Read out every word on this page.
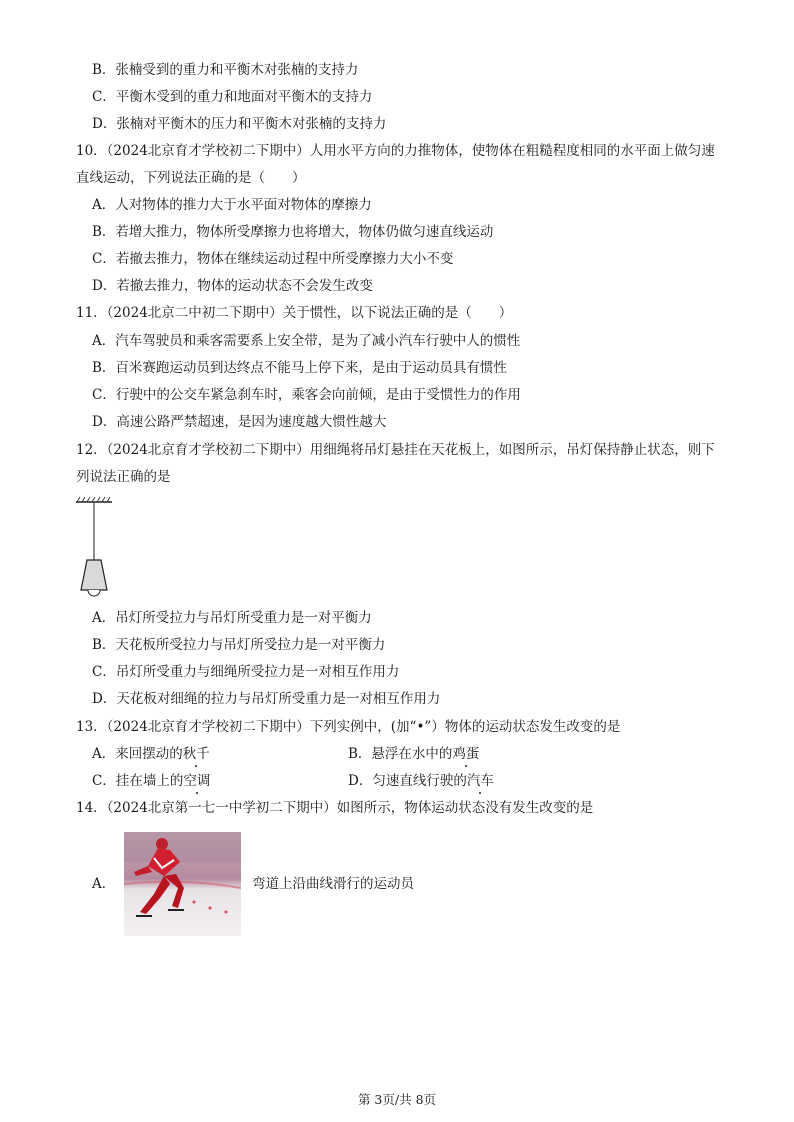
B．张楠受到的重力和平衡木对张楠的支持力
C．平衡木受到的重力和地面对平衡木的支持力
D．张楠对平衡木的压力和平衡木对张楠的支持力
10．（2024北京育才学校初二下期中）人用水平方向的力推物体，使物体在粗糙程度相同的水平面上做匀速
直线运动，下列说法正确的是（　　）
A．人对物体的推力大于水平面对物体的摩擦力
B．若增大推力，物体所受摩擦力也将增大，物体仍做匀速直线运动
C．若撤去推力，物体在继续运动过程中所受摩擦力大小不变
D．若撤去推力，物体的运动状态不会发生改变
11．（2024北京二中初二下期中）关于惯性，以下说法正确的是（　　）
A．汽车驾驶员和乘客需要系上安全带，是为了减小汽车行驶中人的惯性
B．百米赛跑运动员到达终点不能马上停下来，是由于运动员具有惯性
C．行驶中的公交车紧急刹车时，乘客会向前倾，是由于受惯性力的作用
D．高速公路严禁超速，是因为速度越大惯性越大
12．（2024北京育才学校初二下期中）用细绳将吊灯悬挂在天花板上，如图所示，吊灯保持静止状态，则下
列说法正确的是
A．吊灯所受拉力与吊灯所受重力是一对平衡力
B．天花板所受拉力与吊灯所受拉力是一对平衡力
C．吊灯所受重力与细绳所受拉力是一对相互作用力
D．天花板对细绳的拉力与吊灯所受重力是一对相互作用力
13．（2024北京育才学校初二下期中）下列实例中，(加“•”）物体的运动状态发生改变的是
A．来回摆动的秋千	B．悬浮在水中的鸡蛋
C．挂在墙上的空调	D．匀速直线行驶的汽车
14．（2024北京第一七一中学初二下期中）如图所示，物体运动状态没有发生改变的是
A．	弯道上沿曲线滑行的运动员
第 3页/共 8页
